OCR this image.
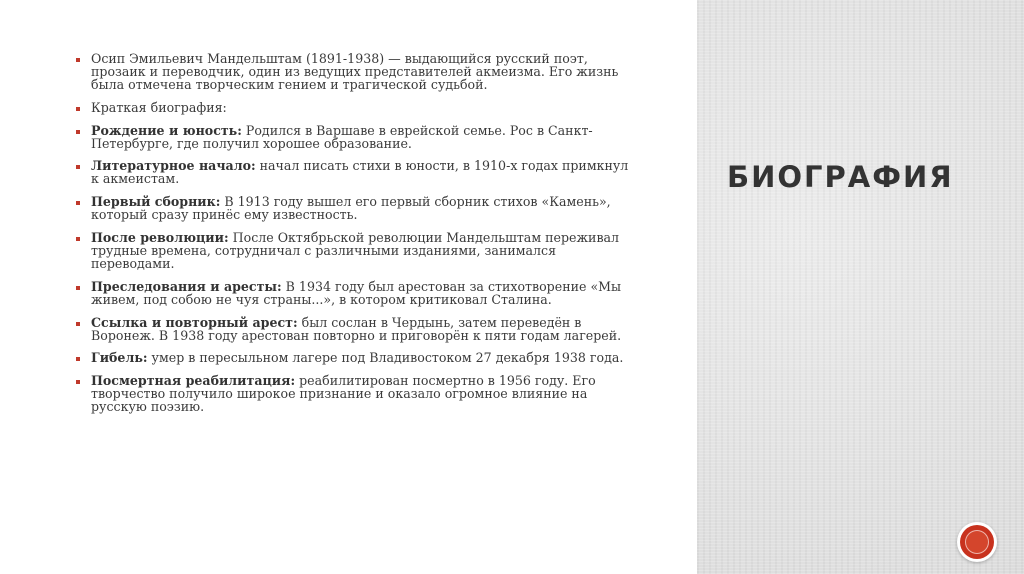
Осип Эмильевич Мандельштам (1891-1938) — выдающийся русский поэт, прозаик и переводчик, один из ведущих представителей акмеизма. Его жизнь была отмечена творческим гением и трагической судьбой.
Краткая биография:
Рождение и юность: Родился в Варшаве в еврейской семье. Рос в Санкт-Петербурге, где получил хорошее образование.
Литературное начало: начал писать стихи в юности, в 1910-х годах примкнул к акмеистам.
Первый сборник: В 1913 году вышел его первый сборник стихов «Камень», который сразу принёс ему известность.
После революции: После Октябрьской революции Мандельштам переживал трудные времена, сотрудничал с различными изданиями, занимался переводами.
Преследования и аресты: В 1934 году был арестован за стихотворение «Мы живем, под собою не чуя страны...», в котором критиковал Сталина.
Ссылка и повторный арест: был сослан в Чердынь, затем переведён в Воронеж. В 1938 году арестован повторно и приговорён к пяти годам лагерей.
Гибель: умер в пересыльном лагере под Владивостоком 27 декабря 1938 года.
Посмертная реабилитация: реабилитирован посмертно в 1956 году. Его творчество получило широкое признание и оказало огромное влияние на русскую поэзию.
БИОГРАФИЯ
